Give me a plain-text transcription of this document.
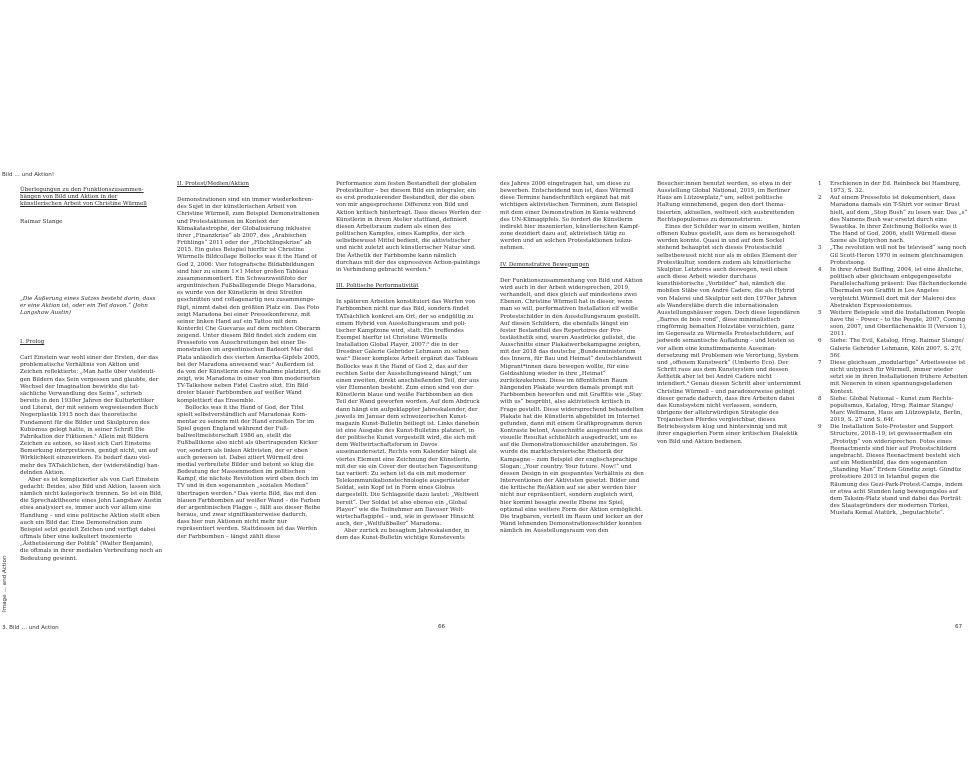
Bild … und Aktion!
Image … and Action
3. Bild … und Action	66	67
Überlegungen zu den Funktionszusammenhängen von Bild und Aktion in der künstlerischen Arbeit von Christine Würmell
Raimar Stange
„Die Äußerung eines Satzes besteht darin, dass er eine Aktion ist, oder ein Teil davon.“ (John Langshaw Austin)
I. Prolog

Carl Einstein war wohl einer der Ersten, der das problematische Verhältnis von Aktion und Zeichen reflektierte: „Man hatte über vieldeutigen Bildern das Sein vergessen und glaubte, der Wechsel der Imagination bewirkte die tatsächliche Verwandlung des Seins“, schrieb bereits in den 1930er Jahren der Kulturkritiker und Literat, der mit seinem wegweisenden Buch Negerplastik 1915 noch das theoretische Fundament für die Bilder und Skulpturen des Kubismus gelegt hatte, in seiner Schrift Die Fabrikation der Fiktionen.¹ Allein mit Bildern Zeichen zu setzen, so lässt sich Carl Einsteins Bemerkung interpretieren, genügt nicht, um auf Wirklichkeit einzuwirken. Es bedarf dazu vielmehr des TATsächlichen, der (widerständig) handelnden Aktion.

Aber es ist komplizierter als von Carl Einstein gedacht: Beides, also Bild und Aktion, lassen sich nämlich nicht kategorisch trennen. So ist ein Bild, die Sprechakttheorie eines John Langshaw Austin etwa analysiert es, immer auch vor allem eine Handlung – und eine politische Aktion stellt eben auch ein Bild dar. Eine Demonstration zum Beispiel setzt gezielt Zeichen und verfügt dabei oftmals über eine kalkuliert inszenierte „Ästhetisierung der Politik“ (Walter Benjamin), die oftmals in ihrer medialen Verbreitung noch an Bedeutung gewinnt.

II. Protest/Medien/Aktion

Demonstrationen sind ein immer wiederkehrendes Sujet in der künstlerischen Arbeit von Christine Würmell, zum Beispiel Demonstrationen und Protestaktionen im Kontext der Klimakatastrophe, der Globalisierung inklusive ihrer „Finanzkrise“ ab 2007, des „Arabischen Frühlings“ 2011 oder der „Flüchtlingskrise“ ab 2015. Ein gutes Beispiel hierfür ist Christine Würmells Bildcollage Bollocks was it the Hand of God 2, 2006: Vier fotografische Bildabbildungen sind hier zu einem 1×1 Meter großen Tableau zusammenmontiert. Ein Schwarzweißfoto der argentinischen Fußballlegende Diego Maradona, es wurde von der Künstlerin in drei Streifen geschnitten und collagenartig neu zusammengefügt, nimmt dabei den größten Platz ein. Das Foto zeigt Maradona bei einer Pressekonferenz, mit seiner linken Hand auf ein Tattoo mit dem Konterfei Che Guevaras auf dem rechten Oberarm zeigend. Unter diesem Bild findet sich zudem ein Pressefoto von Ausschreitungen bei einer Demonstration im argentinischen Badeort Mar del Plata anlässlich des vierten Amerika-Gipfels 2005, bei der Maradona anwesend war.² Außerdem ist da von der Künstlerin eine Aufnahme platziert, die zeigt, wie Maradona in einer von ihm moderierten TV-Talkshow neben Fidel Castro sitzt. Ein Bild dreier blauer Farbbomben auf weißer Wand komplettiert das Ensemble.

Bollocks was it the Hand of God, der Titel spielt selbstverständlich auf Maradonas Kommentar zu seinem mit der Hand erzielten Tor im Spiel gegen England während der Fußballweltmeisterschaft 1986 an, stellt die Fußballikone also nicht als übertragenden Kicker vor, sondern als linken Aktivisten, der er eben auch gewesen ist. Dabei zitiert Würmell drei medial verbreitete Bilder und betont so klug die Bedeutung der Massenmedien im politischen Kampf, die nächste Revolution wird eben doch im TV und in den sogenannten „sozialen Medien“ übertragen werden.³ Das vierte Bild, das mit den blauen Farbbomben auf weißer Wand – die Farben der argentinischen Flagge –, fällt aus dieser Reihe heraus, und zwar signifikanterweise dadurch, dass hier nun Aktionen nicht mehr nur repräsentiert werden. Stattdessen ist das Werfen der Farbbomben – längst zählt diese

Performance zum festen Bestandteil der globalen Protestkultur – bei diesem Bild ein integraler, ein es erst produzierender Bestandteil, der die oben von mir angesprochene Differenz von Bild und Aktion kritisch hinterfragt. Dass dieses Werfen der Künstlerin in ihrem Atelier stattfand, definiert diesen Arbeitsraum zudem als einen des politischen Kampfes, eines Kampfes, der sich selbstbewusst Mittel bedient, die aktivistischer und nicht zuletzt auch künstlerischer Natur sind. Die Ästhetik der Farbbombe kann nämlich durchaus mit der des expressiven Action-paintings in Verbindung gebracht werden.⁴

III. Politische Performativität

In späteren Arbeiten konstituiert das Werfen von Farbbomben nicht nur das Bild, sondern findet TATsächlich konkret am Ort, der so endgültig zu einem Hybrid von Ausstellungsraum und politischer Kampfzone wird, statt. Ein treffendes Exempel hierfür ist Christine Würmells Installation Global Player, 2007:⁵ die in der Dresdner Galerie Gebrüder Lehmann zu sehen war.⁶ Dieser komplexe Arbeit ergänzt das Tableau Bollocks was it the Hand of God 2, das auf der rechten Seite der Ausstellungswand hängt,⁷ um einen zweiten, direkt anschließenden Teil, der aus vier Elementen besteht. Zum einen sind von der Künstlerin blaue und weiße Farbbomben an den Teil der Wand geworfen worden. Auf dem Abdruck dann hängt ein aufgeklappter Jahreskalender, der jeweils im Januar dem schweizerischen Kunstmagazin Kunst-Bulletin beiliegt ist. Links daneben ist eine Ausgabe des Kunst-Bulletins platziert, in der politische Kunst vorgestellt wird, die sich mit dem Weltwirtschaftsforum in Davos auseinandersetzt. Rechts vom Kalender hängt als viertes Element eine Zeichnung der Künstlerin, mit der sie ein Cover der deutschen Tageszeitung taz variiert: Zu sehen ist da ein mit moderner Telekommunikationstechnologie ausgerüsteter Soldat, sein Kopf ist in Form eines Globus dargestellt. Die Schlagzeile dazu lautet: „Weltweit bereit“. Der Soldat ist also ebenso ein „Global Player“ wie die Teilnehmer am Davoser Weltwirtschaftsgipfel – und, wie in gewisser Hinsicht auch, der „Weltfußballer“ Maradona.

Aber zurück zu besagtem Jahreskalender, in dem das Kunst-Bulletin wichtige Kunstevents

des Jahres 2006 eingetragen hat, um diese zu bewerben. Entscheidend nun ist, dass Würmell diese Termine handschriftlich ergänzt hat mit wichtigen aktivistischen Terminen, zum Beispiel mit dem einer Demonstration in Kenia während des UN-Klimagipfels. So fordert die Künstlerin indirekt hier inszenierten, künstlerischen Kampfzone dezidiert dazu auf, aktivistisch tätig zu werden und an solchen Protestaktionen teilzunehmen.

IV. Demonstrative Bewegungen

Der Funktionszusammenhang von Bild und Aktion wird auch in der Arbeit widersprechen, 2019, verhandelt, und dies gleich auf mindestens zwei Ebenen. Christine Würmell hat in dieser, wenn man so will, performativen Installation elf weiße Protestschilder in den Ausstellungsraum gestellt. Auf diesen Schildern, die ebenfalls längst ein fester Bestandteil des Repertoires der Protestästhetik sind, waren Ausdrücke gelistet, die Ausschnitte einer Plakatwerbekampagne zeigten, mit der 2018 das deutsche „Bundesministerium des Innern, für Bau und Heimat“ deutschlandweit Migrant*innen dazu bewegen wollte, für eine Geldzahlung wieder in ihre „Heimat“ zurückzukehren. Diese im öffentlichen Raum hängenden Plakate wurden damals prompt mit Farbbomben beworfen und mit Graffitis wie „Stay with us“ besprüht, also aktivistisch kritisch in Frage gestellt. Diese widersprechend behandelten Plakate hat die Künstlerin abgebildet im Internet gefunden, dann mit einem Grafikprogramm deren Kontraste betont, Ausschnitte ausgesucht und das visuelle Resultat schließlich ausgedruckt, um es auf die Demonstrationsschilder anzubringen. So wurde die marktschreierische Rhetorik der Kampagne – zum Beispiel der englischsprachige Slogan: „Your country. Your future. Now!“ und dessen Design in ein gespanntes Verhältnis zu den Interventionen der Aktivisten gesetzt. Bilder und die kritische Re/Aktion auf sie aber werden hier nicht nur repräsentiert, sondern zugleich wird, hier kommt besagte zweite Ebene ins Spiel, optional eine weitere Form der Aktion ermöglicht. Die tragbaren, verteilt im Raum und locker an der Wand lehnenden Demonstrationsschilder konnten nämlich im Ausstellungsraum von den

Besucher:innen benutzt werden, so etwa in der Ausstellung Global National, 2019, im Berliner Haus am Lützowplatz,⁸ um, selbst politische Haltung einnehmend, gegen den dort thematisierten, aktuellen, weltweit sich ausbreitenden Rechtspopulismus zu demonstrieren.

Eines der Schilder war in einem weißen, hinten offenen Kubus gestellt, aus dem es herausgeholt werden konnte. Quasi in und auf dem Sockel stehend behauptet sich dieses Protestschild selbstbewusst nicht nur als m obiles Element der Protestkultur, sondern zudem als künstlerische Skulptur. Letzteres auch deswegen, weil eben auch diese Arbeit wieder durchaus kunsthistorische „Vorbilder“ hat, nämlich die mobilen Stäbe von André Cadere, die als Hybrid von Malerei und Skulptur seit den 1970er Jahren als Wanderstäbe durch die internationalen Ausstellungshäuser zogen. Doch diese legendären „Barres de bois rond“, diese minimalistisch ringförmig bemalten Holzstäbe verzichten, ganz im Gegensatz zu Würmells Protestschildern, auf jedwede semantische Aufladung – und leisten so vor allem eine kunstimmanente Auseinandersetzung mit Problemen wie Verortung, System und „offenem Kunstwerk“ (Umberto Eco). Der Schritt raus aus dem Kunstsystem und dessen Ästhetik aber ist bei André Cadere nicht intendiert.⁹ Genau diesen Schritt aber unternimmt Christine Würmell – und paradoxerweise gelingt dieser gerade dadurch, dass ihre Arbeiten dabei das Kunstsystem nicht verlassen, sondern, übrigens der altehrwürdigen Strategie des Trojanischen Pferdes vergleichbar, dieses Betriebssystem klug und hintersinnig und mit ihrer engagierten Form einer kritischen Dialektik von Bild und Aktion bedienen.

1	Erschienen in der Ed. Reinbeck bei Hamburg, 1973, S. 32.
2	Auf einem Pressefoto ist dokumentiert, dass Maradona damals ein T-Shirt vor seiner Brust hielt, auf dem „Stop Bush“ zu lesen war. Das „s“ des Namens Bush war ersetzt durch eine Swastika. In ihrer Zeichnung Bollocks was it The Hand of God, 2006, stellt Würmell diese Szene als Diptychon nach.
3	„The revolution will not be televised“ sang noch Gil Scott-Heron 1970 in seinem gleichnamigen Protestsong.
4	In ihrer Arbeit Buffing, 2004, ist eine ähnliche, politisch aber gleichsam entgegengesetzte Parallelschaltung präsent: Das flächendeckende Übermalen von Graffiti in Los Angeles vergleicht Würmell dort mit der Malerei des Abstrakten Expressionismus.
5	Weitere Beispiele sind die Installationen People have the – Power – to the People, 2007, Coming soon, 2007, und Oberflächenaktie II (Version 1), 2011.
6	Siehe: The Evil, Katalog, Hrsg. Raimar Stange/ Galerie Gebrüder Lehmann, Köln 2007, S. 27f, 56f.
7	Diese gleichsam „modulartige“ Arbeitsweise ist nicht untypisch für Würmell, immer wieder setzt sie in ihren Installationen frühere Arbeiten mit Neueren in einen spannungsgeladenen Kontext.
8	Siehe: Global National – Kunst zum Rechtspopulismus, Katalog, Hrsg. Raimar Stange/ Marc Wellmann, Haus am Lützowplatz, Berlin, 2019, S. 27 und S. 64f.
9	Die Installation Solo-Protester and Support Structure, 2018–19, ist gewissermaßen ein „Prototyp“ von widersprechen. Fotos eines Reenactments sind hier auf Protestschildern angebracht. Dieses Reenactment besteht sich auf ein Medienbild, das den sogenannten „Standing Man“ Erdem Gündüz zeigt. Gündüz protestiere 2013 in Istanbul gegen die Räumung des Gezi-Park-Protest-Camps, indem er etwa acht Stunden lang bewegungslos auf dem Taksim-Platz stand und dabei das Porträt des Staatsgründers der modernen Türkei, Mustafa Kemal Atatürk, „begutachtete“.
